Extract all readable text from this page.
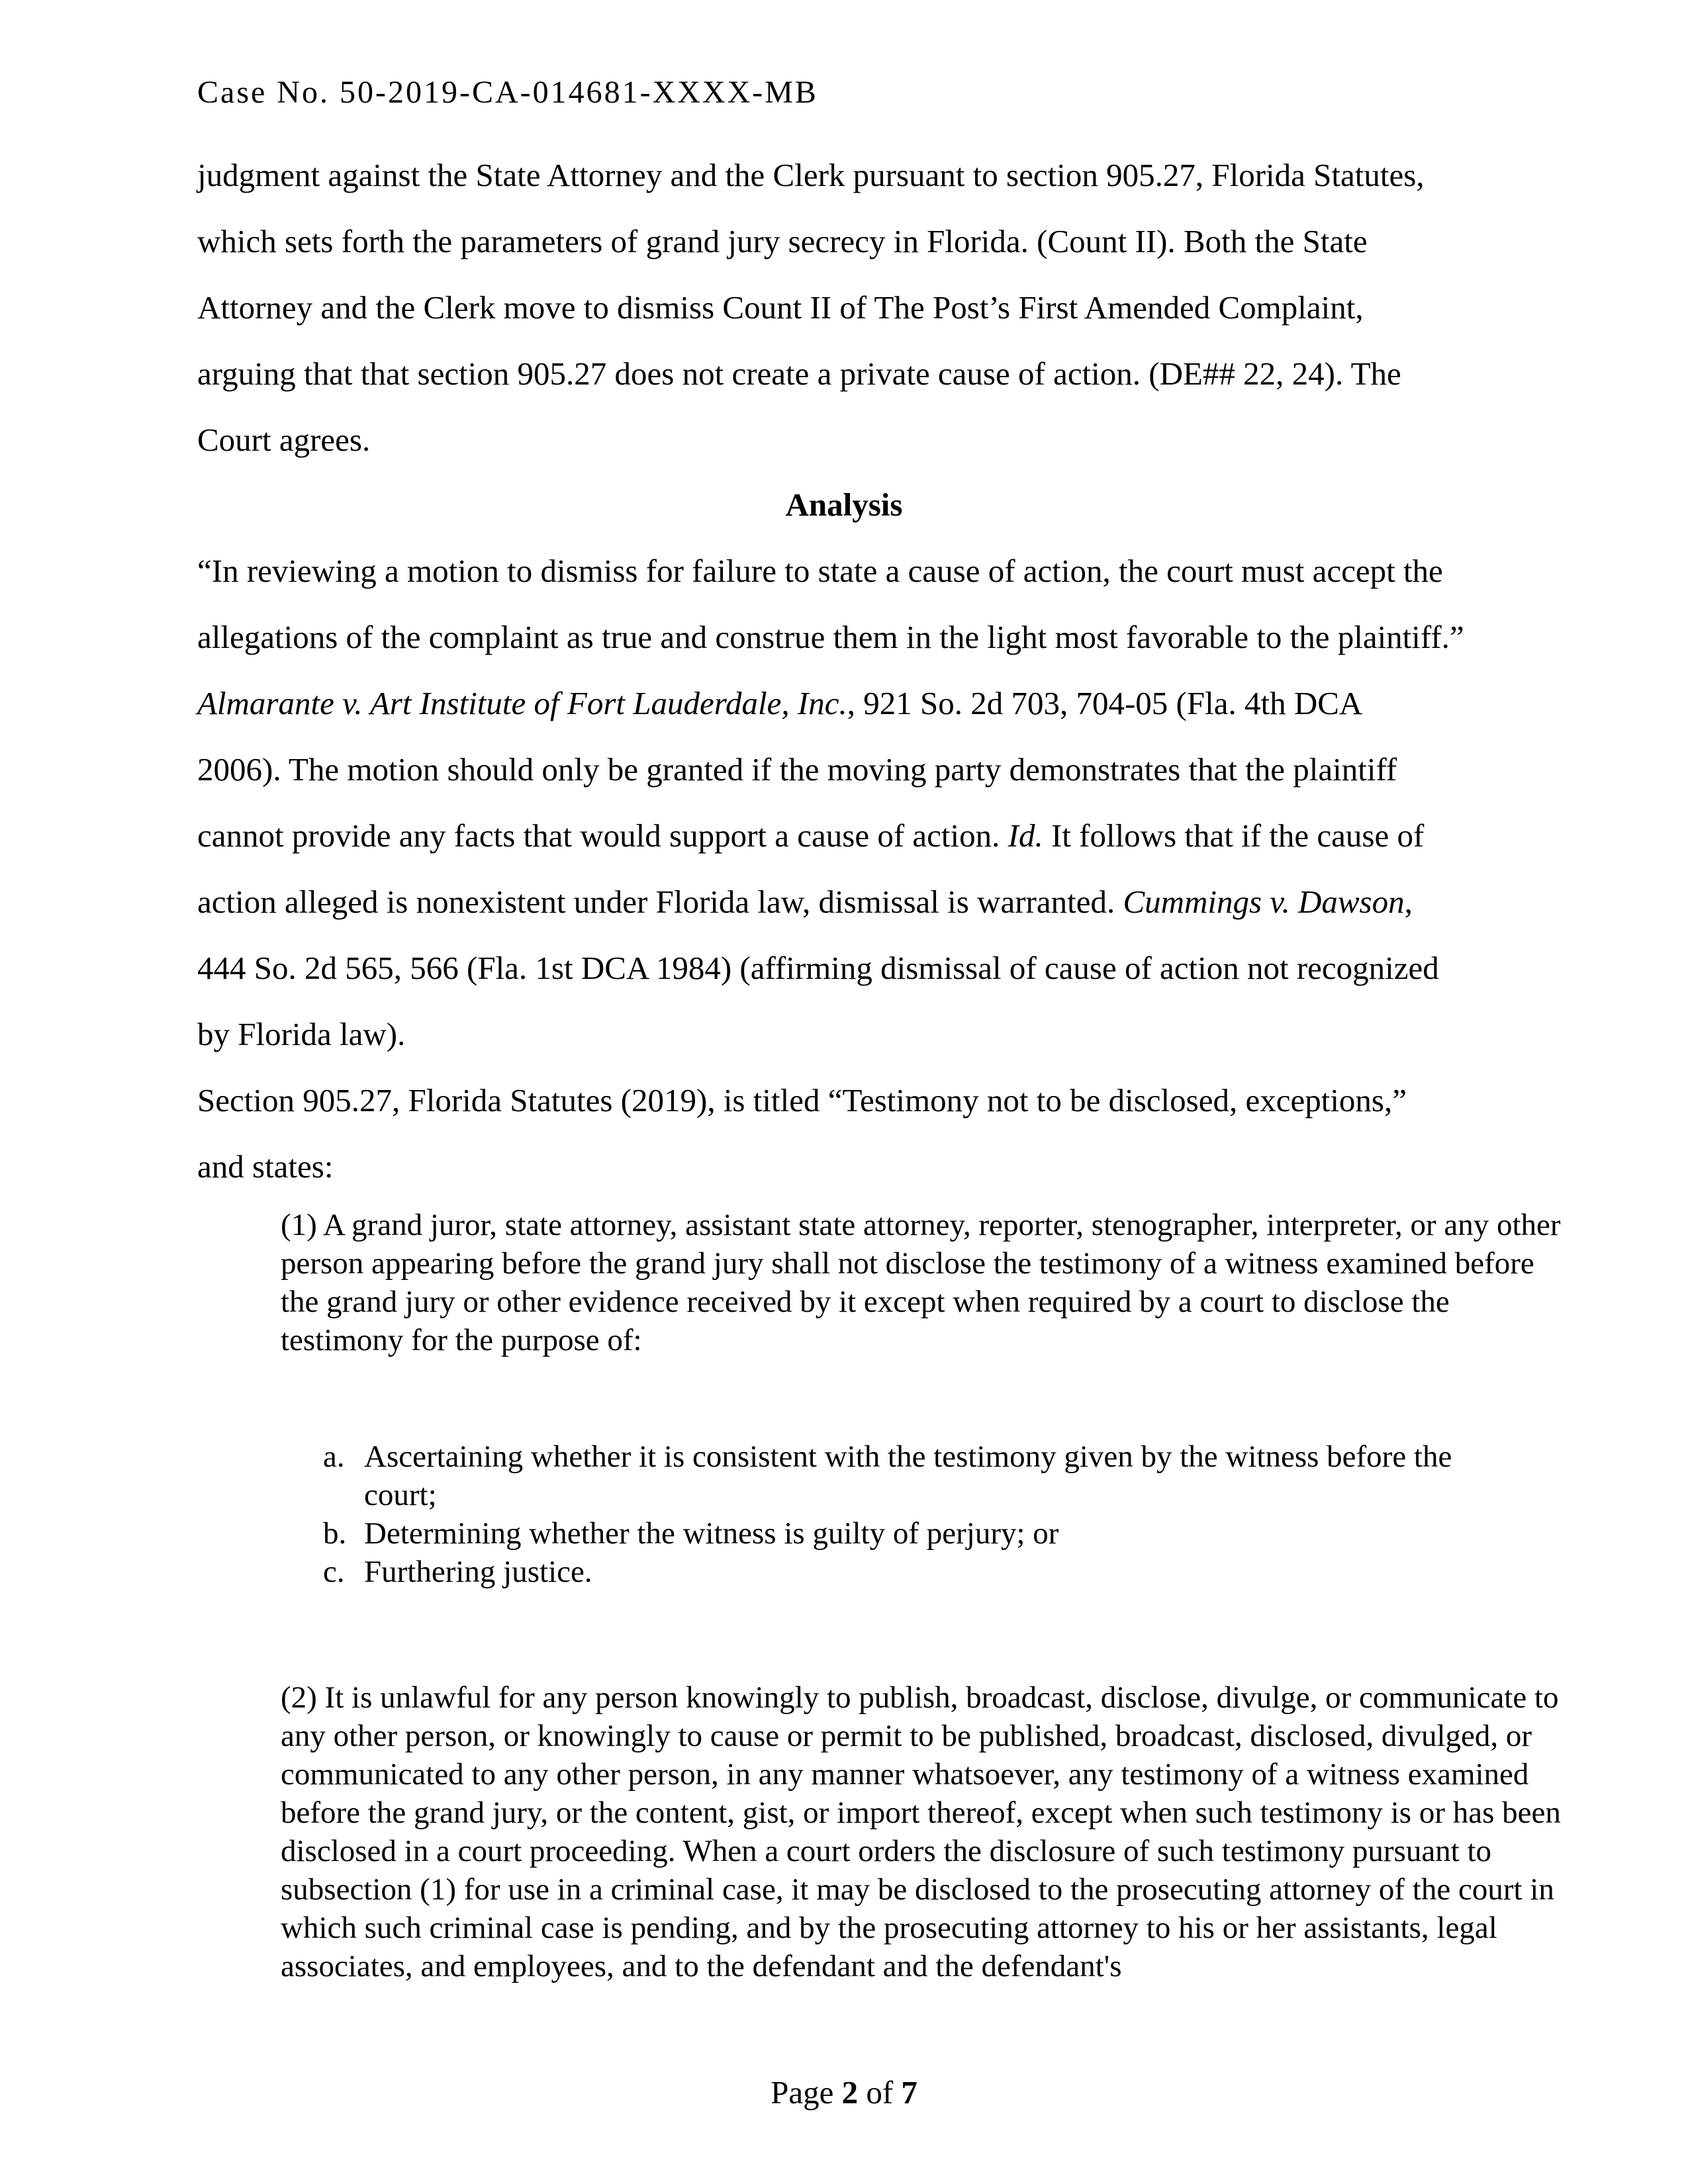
Case No. 50-2019-CA-014681-XXXX-MB
judgment against the State Attorney and the Clerk pursuant to section 905.27, Florida Statutes,
which sets forth the parameters of grand jury secrecy in Florida. (Count II). Both the State
Attorney and the Clerk move to dismiss Count II of The Post’s First Amended Complaint,
arguing that that section 905.27 does not create a private cause of action. (DE## 22, 24). The
Court agrees.
Analysis
“In reviewing a motion to dismiss for failure to state a cause of action, the court must accept the
allegations of the complaint as true and construe them in the light most favorable to the plaintiff.”
Almarante v. Art Institute of Fort Lauderdale, Inc., 921 So. 2d 703, 704-05 (Fla. 4th DCA
2006). The motion should only be granted if the moving party demonstrates that the plaintiff
cannot provide any facts that would support a cause of action. Id. It follows that if the cause of
action alleged is nonexistent under Florida law, dismissal is warranted. Cummings v. Dawson,
444 So. 2d 565, 566 (Fla. 1st DCA 1984) (affirming dismissal of cause of action not recognized
by Florida law).
Section 905.27, Florida Statutes (2019), is titled “Testimony not to be disclosed, exceptions,”
and states:
(1) A grand juror, state attorney, assistant state attorney, reporter, stenographer, interpreter, or any other person appearing before the grand jury shall not disclose the testimony of a witness examined before the grand jury or other evidence received by it except when required by a court to disclose the testimony for the purpose of:
a. Ascertaining whether it is consistent with the testimony given by the witness before the court;
b. Determining whether the witness is guilty of perjury; or
c. Furthering justice.
(2) It is unlawful for any person knowingly to publish, broadcast, disclose, divulge, or communicate to any other person, or knowingly to cause or permit to be published, broadcast, disclosed, divulged, or communicated to any other person, in any manner whatsoever, any testimony of a witness examined before the grand jury, or the content, gist, or import thereof, except when such testimony is or has been disclosed in a court proceeding. When a court orders the disclosure of such testimony pursuant to subsection (1) for use in a criminal case, it may be disclosed to the prosecuting attorney of the court in which such criminal case is pending, and by the prosecuting attorney to his or her assistants, legal associates, and employees, and to the defendant and the defendant's
Page 2 of 7
